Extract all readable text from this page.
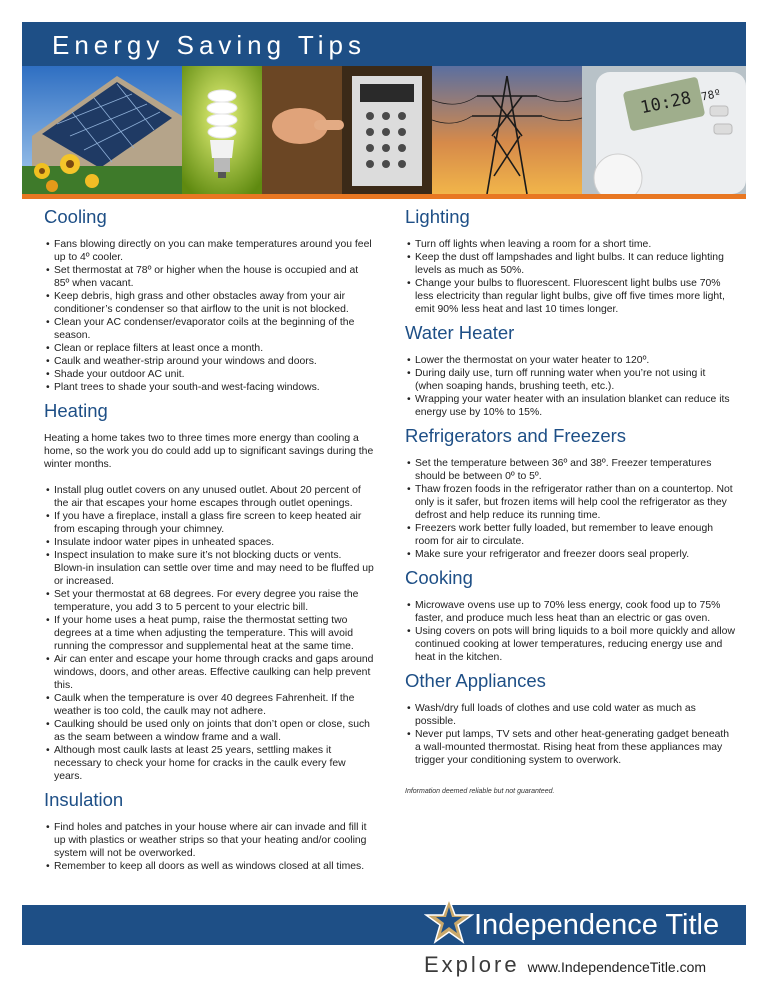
Energy Saving Tips
10:28 78º
Cooling
• Fans blowing directly on you can make temperatures around you feel up to 4º cooler.
• Set thermostat at 78º or higher when the house is occupied and at 85º when vacant.
• Keep debris, high grass and other obstacles away from your air conditioner’s condenser so that airflow to the unit is not blocked.
• Clean your AC condenser/evaporator coils at the beginning of the season.
• Clean or replace filters at least once a month.
• Caulk and weather-strip around your windows and doors.
• Shade your outdoor AC unit.
• Plant trees to shade your south-and west-facing windows.
Heating

Heating a home takes two to three times more energy than cooling a home, so the work you do could add up to significant savings during the winter months.

• Install plug outlet covers on any unused outlet. About 20 percent of the air that escapes your home escapes through outlet openings.
• If you have a fireplace, install a glass fire screen to keep heated air from escaping through your chimney.
• Insulate indoor water pipes in unheated spaces.
• Inspect insulation to make sure it’s not blocking ducts or vents. Blown-in insulation can settle over time and may need to be fluffed up or increased.
• Set your thermostat at 68 degrees. For every degree you raise the temperature, you add 3 to 5 percent to your electric bill.
• If your home uses a heat pump, raise the thermostat setting two degrees at a time when adjusting the temperature. This will avoid running the compressor and supplemental heat at the same time.
• Air can enter and escape your home through cracks and gaps around windows, doors, and other areas. Effective caulking can help prevent this.
• Caulk when the temperature is over 40 degrees Fahrenheit. If the weather is too cold, the caulk may not adhere.
• Caulking should be used only on joints that don’t open or close, such as the seam between a window frame and a wall.
• Although most caulk lasts at least 25 years, settling makes it necessary to check your home for cracks in the caulk every few years.
Insulation
• Find holes and patches in your house where air can invade and fill it up with plastics or weather strips so that your heating and/or cooling system will not be overworked.
• Remember to keep all doors as well as windows closed at all times.
Lighting
• Turn off lights when leaving a room for a short time.
• Keep the dust off lampshades and light bulbs. It can reduce lighting levels as much as 50%.
• Change your bulbs to fluorescent. Fluorescent light bulbs use 70% less electricity than regular light bulbs, give off five times more light, emit 90% less heat and last 10 times longer.
Water Heater
• Lower the thermostat on your water heater to 120º.
• During daily use, turn off running water when you’re not using it (when soaping hands, brushing teeth, etc.).
• Wrapping your water heater with an insulation blanket can reduce its energy use by 10% to 15%.
Refrigerators and Freezers
• Set the temperature between 36º and 38º. Freezer temperatures should be between 0º to 5º.
• Thaw frozen foods in the refrigerator rather than on a countertop. Not only is it safer, but frozen items will help cool the refrigerator as they defrost and help reduce its running time.
• Freezers work better fully loaded, but remember to leave enough room for air to circulate.
• Make sure your refrigerator and freezer doors seal properly.
Cooking
• Microwave ovens use up to 70% less energy, cook food up to 75% faster, and produce much less heat than an electric or gas oven.
• Using covers on pots will bring liquids to a boil more quickly and allow continued cooking at lower temperatures, reducing energy use and heat in the kitchen.
Other Appliances
• Wash/dry full loads of clothes and use cold water as much as possible.
• Never put lamps, TV sets and other heat-generating gadget beneath a wall-mounted thermostat. Rising heat from these appliances may trigger your conditioning system to overwork.

Information deemed reliable but not guaranteed.

Independence Title
Explore www.IndependenceTitle.com
